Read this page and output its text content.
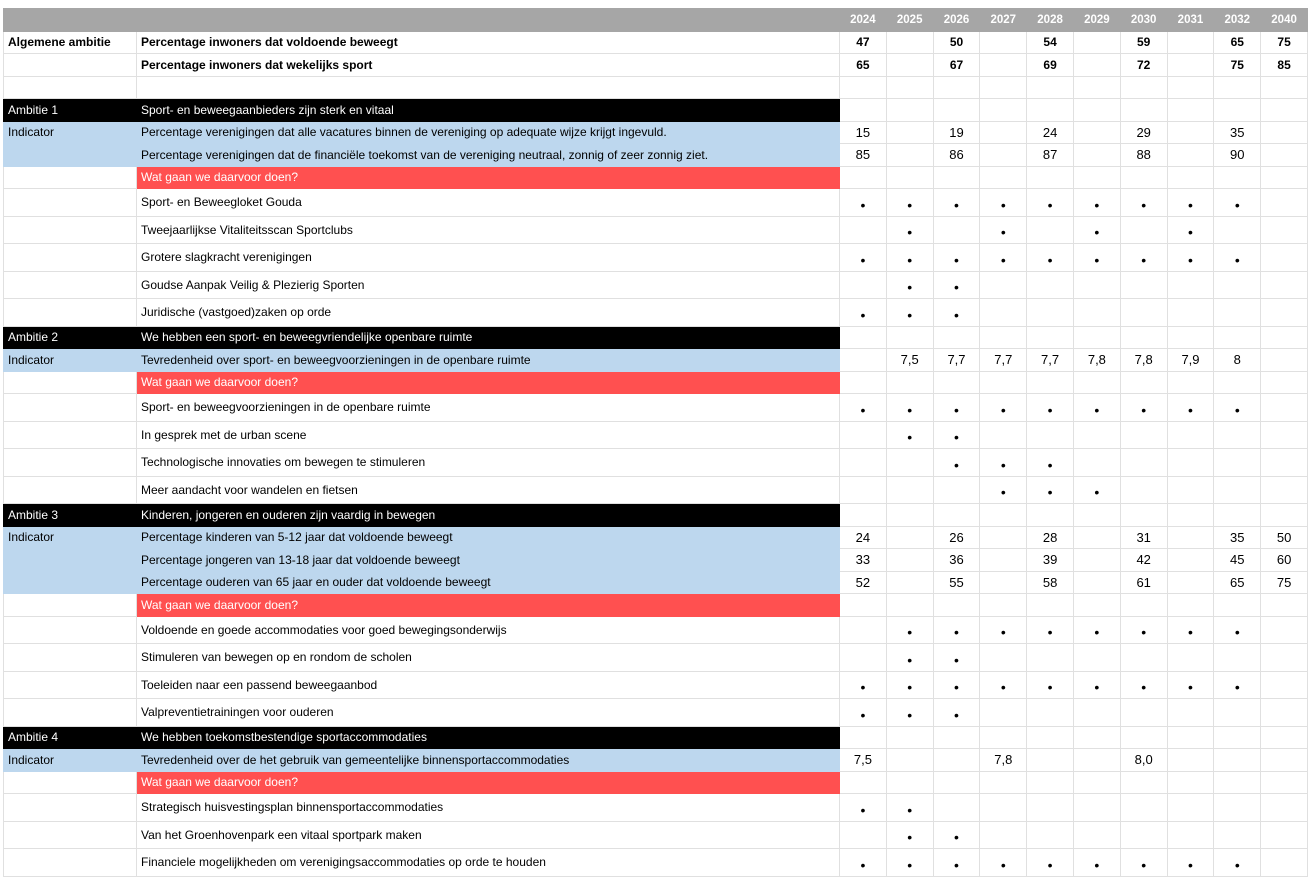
		2024	2025	2026	2027	2028	2029	2030	2031	2032	2040
Algemene ambitie	Percentage inwoners dat voldoende beweegt	47		50		54		59		65	75
	Percentage inwoners dat wekelijks sport	65		67		69		72		75	85

Ambitie 1	Sport- en beweegaanbieders zijn sterk en vitaal										
Indicator	Percentage verenigingen dat alle vacatures binnen de vereniging op adequate wijze krijgt ingevuld.	15		19		24		29		35	
	Percentage verenigingen dat de financiële toekomst van de vereniging neutraal, zonnig of zeer zonnig ziet.	85		86		87		88		90	
	Wat gaan we daarvoor doen?										
	Sport- en Beweegloket Gouda	•	•	•	•	•	•	•	•	•	
	Tweejaarlijkse Vitaliteitsscan Sportclubs		•		•		•		•		
	Grotere slagkracht verenigingen	•	•	•	•	•	•	•	•	•	
	Goudse Aanpak Veilig & Plezierig Sporten		•	•							
	Juridische (vastgoed)zaken op orde	•	•	•							
Ambitie 2	We hebben een sport- en beweegvriendelijke openbare ruimte										
Indicator	Tevredenheid over sport- en beweegvoorzieningen in de openbare ruimte		7,5	7,7	7,7	7,7	7,8	7,8	7,9	8	
	Wat gaan we daarvoor doen?										
	Sport- en beweegvoorzieningen in de openbare ruimte	•	•	•	•	•	•	•	•	•	
	In gesprek met de urban scene		•	•							
	Technologische innovaties om bewegen te stimuleren			•	•	•					
	Meer aandacht voor wandelen en fietsen				•	•	•				
Ambitie 3	Kinderen, jongeren en ouderen zijn vaardig in bewegen										
Indicator	Percentage kinderen van 5-12 jaar dat voldoende beweegt	24		26		28		31		35	50
	Percentage jongeren van 13-18 jaar dat voldoende beweegt	33		36		39		42		45	60
	Percentage ouderen van 65 jaar en ouder dat voldoende beweegt	52		55		58		61		65	75
	Wat gaan we daarvoor doen?										
	Voldoende en goede accommodaties voor goed bewegingsonderwijs		•	•	•	•	•	•	•	•	
	Stimuleren van bewegen op en rondom de scholen		•	•							
	Toeleiden naar een passend beweegaanbod	•	•	•	•	•	•	•	•	•	
	Valpreventietrainingen voor ouderen	•	•	•							
Ambitie 4	We hebben toekomstbestendige sportaccommodaties										
Indicator	Tevredenheid over de het gebruik van gemeentelijke binnensportaccommodaties	7,5			7,8			8,0			
	Wat gaan we daarvoor doen?										
	Strategisch huisvestingsplan binnensportaccommodaties	•	•								
	Van het Groenhovenpark een vitaal sportpark maken		•	•							
	Financiele mogelijkheden om verenigingsaccommodaties op orde te houden	•	•	•	•	•	•	•	•	•	
